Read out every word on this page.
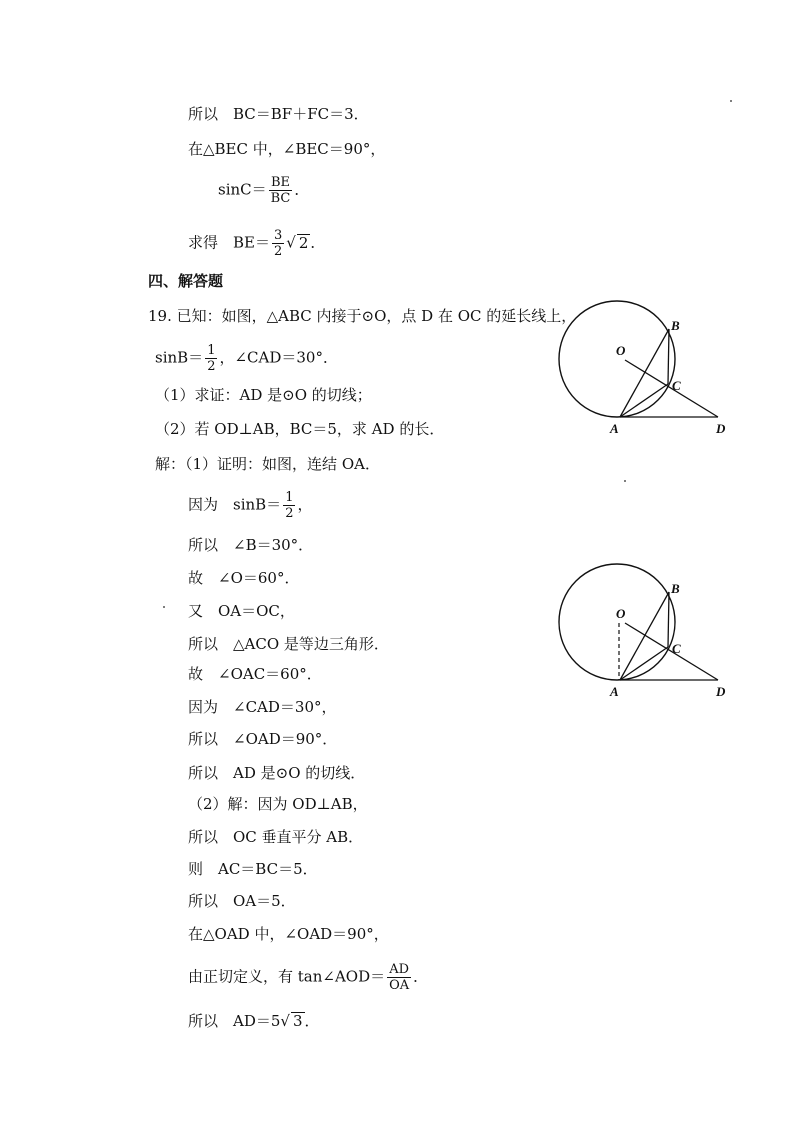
所以　BC＝BF＋FC＝3．
在△BEC 中，∠BEC＝90°，
$\sin C= \frac{BE}{BC}$ ．
求得　$BE= \frac{3}{2}$ √ 2 ．
四、解答题
19. 已知：如图，△ABC 内接于⊙O，点 D 在 OC 的延长线上，
$\sin B= \frac{1}{2}$ ，∠CAD＝30°．
（1）求证：AD 是⊙O 的切线；
（2）若 OD⊥AB，BC＝5，求 AD 的长．
解：（1）证明：如图，连结 OA．
因为　$\sin B= \frac{1}{2}$ ，
所以　∠B＝30°．
故　∠O＝60°．
又　OA＝OC，
所以　△ACO 是等边三角形．
故　∠OAC＝60°．
因为　∠CAD＝30°，
所以　∠OAD＝90°．
所以　AD 是⊙O 的切线．
（2）解：因为 OD⊥AB，
所以　OC 垂直平分 AB．
则　AC＝BC＝5．
所以　OA＝5．
在△OAD 中，∠OAD＝90°，
由正切定义，有 tan∠AOD＝ $\frac{AD}{OA}$ ．
所以　AD＝5√ 3 ．
O
B
C
A	D
O
B
C
A	D
